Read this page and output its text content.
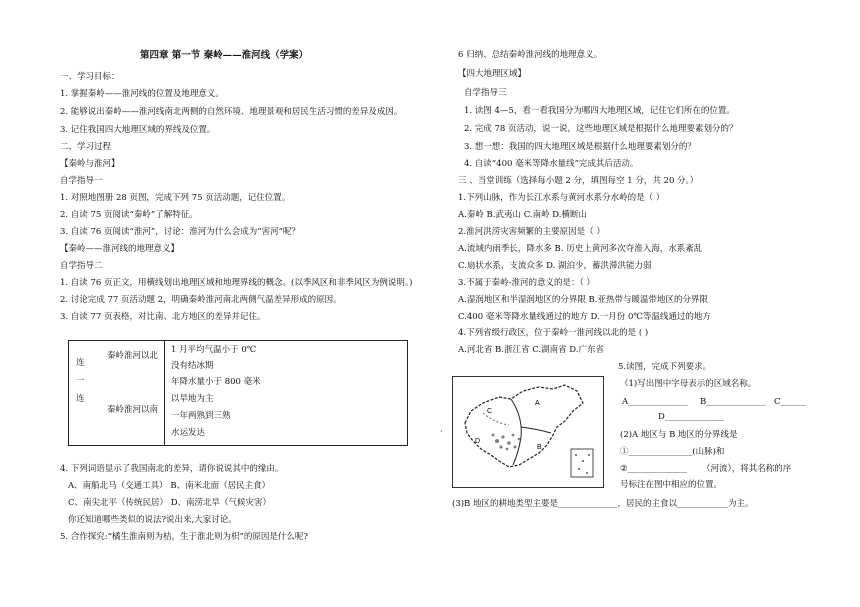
第四章 第一节 秦岭——淮河线（学案）
一、学习目标：
1. 掌握秦岭——淮河线的位置及地理意义。
2. 能够说出秦岭——淮河线南北两侧的自然环境、地理景观和居民生活习惯的差异及成因。
3. 记住我国四大地理区域的界线及位置。
二、学习过程
【秦岭与淮河】
自学指导一
1. 对照地图册 28 页图，完成下列 75 页活动题，记住位置。
2. 自读 75 页阅读“秦岭”了解特征。
3. 自读 76 页阅读“淮河”，讨论：淮河为什么会成为“害河”呢？
【秦岭——淮河线的地理意义】
自学指导二
1. 自读 76 页正文，用横线划出地理区域和地理界线的概念。(以季风区和非季风区为例说明。)
2. 讨论完成 77 页活动题 2，明确秦岭淮河南北两侧气温差异形成的原因。
3. 自读 77 页表格，对比南、北方地区的差异并记住。
1 月平均气温小于 0℃
没有结冰期
年降水量小于 800 毫米
以旱地为主
一年两熟到三熟
水运发达
连
一
连
秦岭淮河以北
秦岭淮河以南
4. 下列词语显示了我国南北的差异，请你说说其中的缘由。
A、南船北马（交通工具） B、南米北面（居民主食）
C、南尖北平（传统民居） D、南涝北旱（气候灾害）
你还知道哪些类似的说法?说出来,大家讨论。
5. 合作探究:“橘生淮南则为桔，生于淮北则为枳”的原因是什么呢?
·
6 归纳、总结秦岭淮河线的地理意义。
【四大地理区域】
自学指导三
1. 读图 4—5，看一看我国分为哪四大地理区域，记住它们所在的位置。
2. 完成 78 页活动，说一说，这些地理区域是根据什么地理要素划分的？
3. 想一想：我国的四大地理区域是根据什么地理要素划分的？
4. 自读“400 毫米等降水量线”完成其后活动。
三 、当堂训练（选择每小题 2 分，填图每空 1 分，共 20 分。）
1.下列山脉，作为长江水系与黄河水系分水岭的是（ ）
A.秦岭 B.武夷山 C.南岭 D.横断山
2.淮河洪涝灾害频繁的主要原因是（ ）
A.流域内雨季长，降水多 B. 历史上黄河多次夺淮入海，水系紊乱
C.扇状水系，支流众多 D. 湖泊少，蓄洪滞洪能力弱
3.不属于秦岭-淮河的意义的是：（ ）
A.湿润地区和半湿润地区的分界限 B.亚热带与暖温带地区的分界限
C.400 毫米等降水量线通过的地方 D.一月份 0℃等温线通过的地方
4.下列省级行政区，位于秦岭一淮河线以北的是 ( )
A.河北省 B.浙江省 C.湖南省 D.广东省
5.读图，完成下列要求。
（1)写出图中字母表示的区域名称。
A______________ B______________ C______
D______________
(2)A 地区与 B 地区的分界线是
①_______________(山脉)和
②______________ （河流），将其名称的序
号标注在图中相应的位置。
(3)B 地区的耕地类型主要是______________，居民的主食以____________为主。
A
B
C
D
